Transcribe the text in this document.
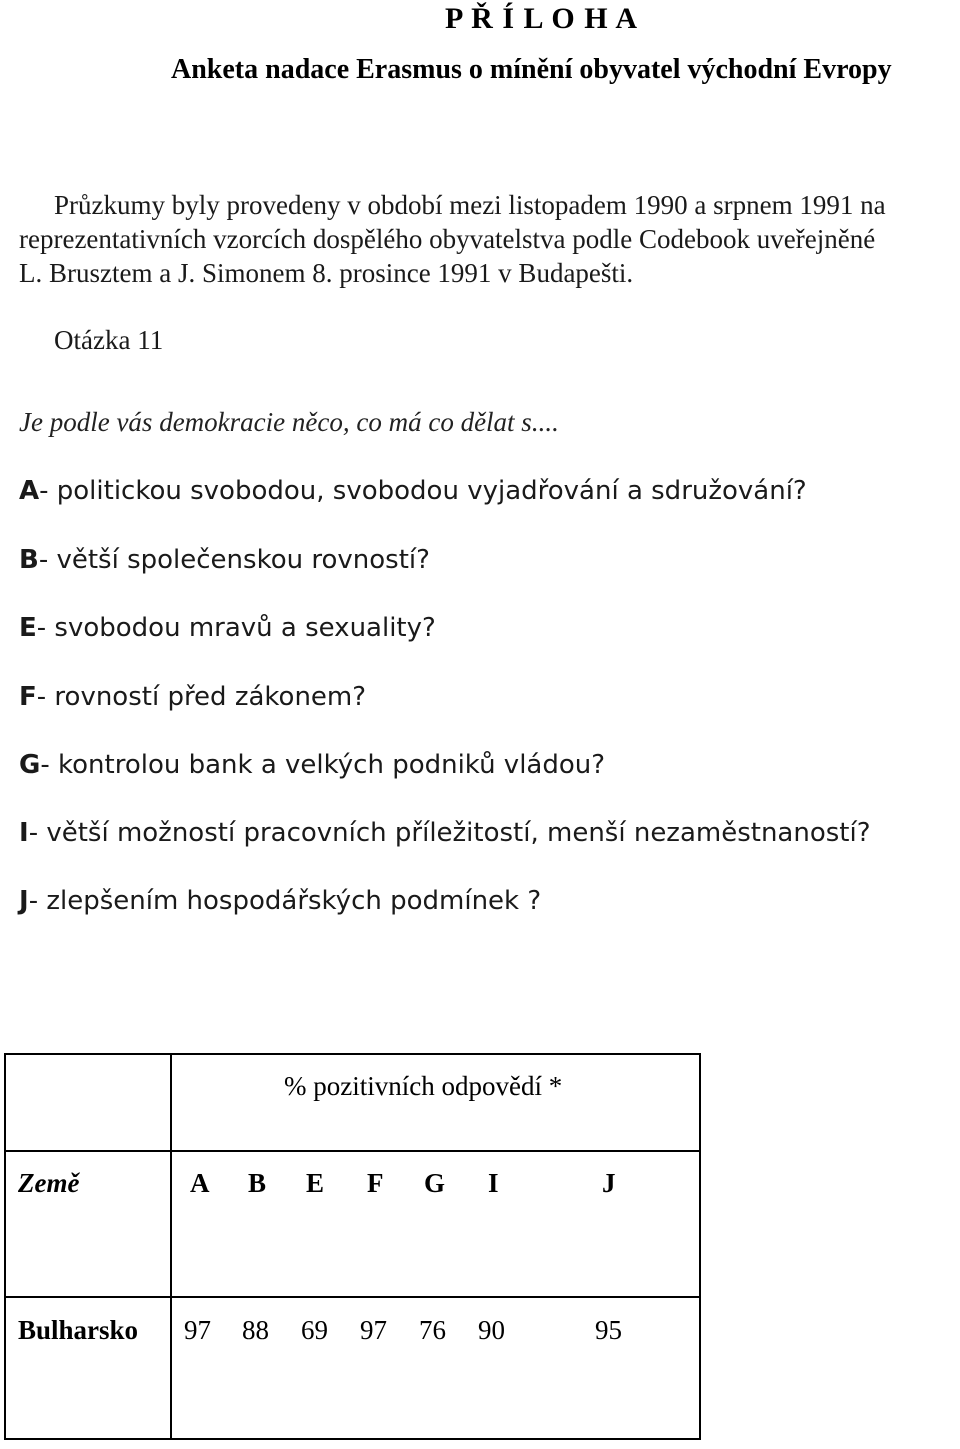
P Ř Í L O H A
Anketa nadace Erasmus o mínění obyvatel východní Evropy
Průzkumy byly provedeny v období mezi listopadem 1990 a srpnem 1991 na
reprezentativních vzorcích dospělého obyvatelstva podle Codebook uveřejněné
L. Brusztem a J. Simonem 8. prosince 1991 v Budapešti.
Otázka 11
Je podle vás demokracie něco, co má co dělat s....
A- politickou svobodou, svobodou vyjadřování a sdružování?
B- větší společenskou rovností?
E- svobodou mravů a sexuality?
F- rovností před zákonem?
G- kontrolou bank a velkých podniků vládou?
I- větší možností pracovních příležitostí, menší nezaměstnaností?
J- zlepšením hospodářských podmínek ?
% pozitivních odpovědí *
Země	A B E F G I	J
Bulharsko 97 88 69 97 76 90	95
